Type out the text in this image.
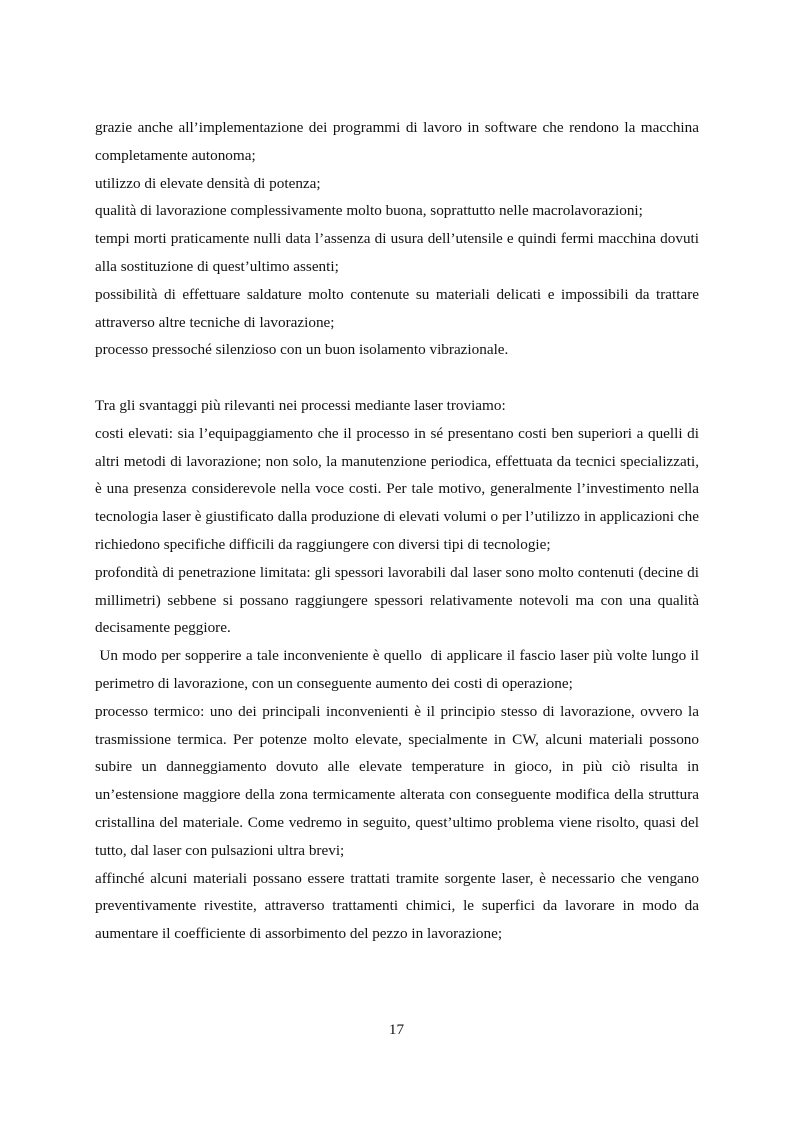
grazie anche all’implementazione dei programmi di lavoro in software che rendono la macchina completamente autonoma;

utilizzo di elevate densità di potenza;

qualità di lavorazione complessivamente molto buona, soprattutto nelle macrolavorazioni;

tempi morti praticamente nulli data l’assenza di usura dell’utensile e quindi fermi macchina dovuti alla sostituzione di quest’ultimo assenti;

possibilità di effettuare saldature molto contenute su materiali delicati e impossibili da trattare attraverso altre tecniche di lavorazione;

processo pressoché silenzioso con un buon isolamento vibrazionale.

Tra gli svantaggi più rilevanti nei processi mediante laser troviamo:

costi elevati: sia l’equipaggiamento che il processo in sé presentano costi ben superiori a quelli di altri metodi di lavorazione; non solo, la manutenzione periodica, effettuata da tecnici specializzati, è una presenza considerevole nella voce costi. Per tale motivo, generalmente l’investimento nella tecnologia laser è giustificato dalla produzione di elevati volumi o per l’utilizzo in applicazioni che richiedono specifiche difficili da raggiungere con diversi tipi di tecnologie;

profondità di penetrazione limitata: gli spessori lavorabili dal laser sono molto contenuti (decine di millimetri) sebbene si possano raggiungere spessori relativamente notevoli ma con una qualità decisamente peggiore.

Un modo per sopperire a tale inconveniente è quello  di applicare il fascio laser più volte lungo il perimetro di lavorazione, con un conseguente aumento dei costi di operazione;

processo termico: uno dei principali inconvenienti è il principio stesso di lavorazione, ovvero la trasmissione termica. Per potenze molto elevate, specialmente in CW, alcuni materiali possono subire un danneggiamento dovuto alle elevate temperature in gioco, in più ciò risulta in un’estensione maggiore della zona termicamente alterata con conseguente modifica della struttura cristallina del materiale. Come vedremo in seguito, quest’ultimo problema viene risolto, quasi del tutto, dal laser con pulsazioni ultra brevi;

affinché alcuni materiali possano essere trattati tramite sorgente laser, è necessario che vengano preventivamente rivestite, attraverso trattamenti chimici, le superfici da lavorare in modo da aumentare il coefficiente di assorbimento del pezzo in lavorazione;

17
